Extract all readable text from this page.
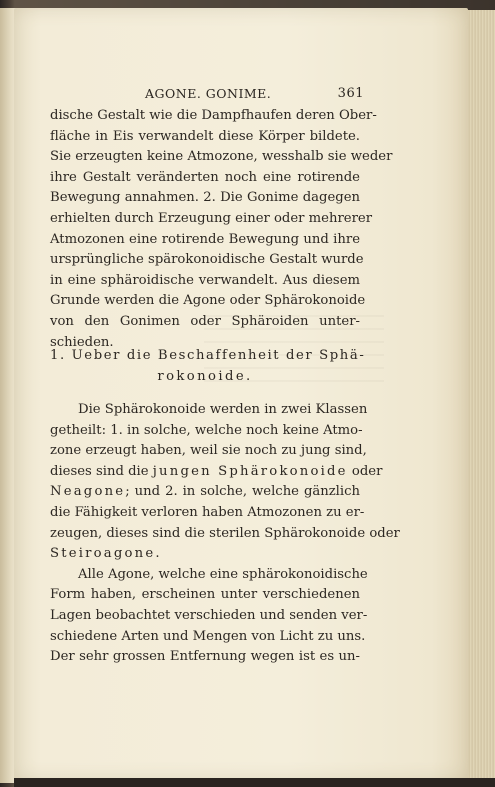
AGONE. GONIME.	361
dische Gestalt wie die Dampfhaufen deren Ober-
fläche in Eis verwandelt diese Körper bildete.
Sie erzeugten keine Atmozone, wesshalb sie weder
ihre Gestalt veränderten noch eine rotirende
Bewegung annahmen. 2. Die Gonime dagegen
erhielten durch Erzeugung einer oder mehrerer
Atmozonen eine rotirende Bewegung und ihre
ursprüngliche spärokonoidische Gestalt wurde
in eine sphäroidische verwandelt. Aus diesem
Grunde werden die Agone oder Sphärokonoide
von den Gonimen oder Sphäroiden unter-
schieden.
1. Ueber die Beschaffenheit der Sphä-
rokonoide.
Die Sphärokonoide werden in zwei Klassen
getheilt: 1. in solche, welche noch keine Atmo-
zone erzeugt haben, weil sie noch zu jung sind,
dieses sind die jungen Sphärokonoide oder
Neagone; und 2. in solche, welche gänzlich
die Fähigkeit verloren haben Atmozonen zu er-
zeugen, dieses sind die sterilen Sphärokonoide oder
Steiroagone.
Alle Agone, welche eine sphärokonoidische
Form haben, erscheinen unter verschiedenen
Lagen beobachtet verschieden und senden ver-
schiedene Arten und Mengen von Licht zu uns.
Der sehr grossen Entfernung wegen ist es un-
